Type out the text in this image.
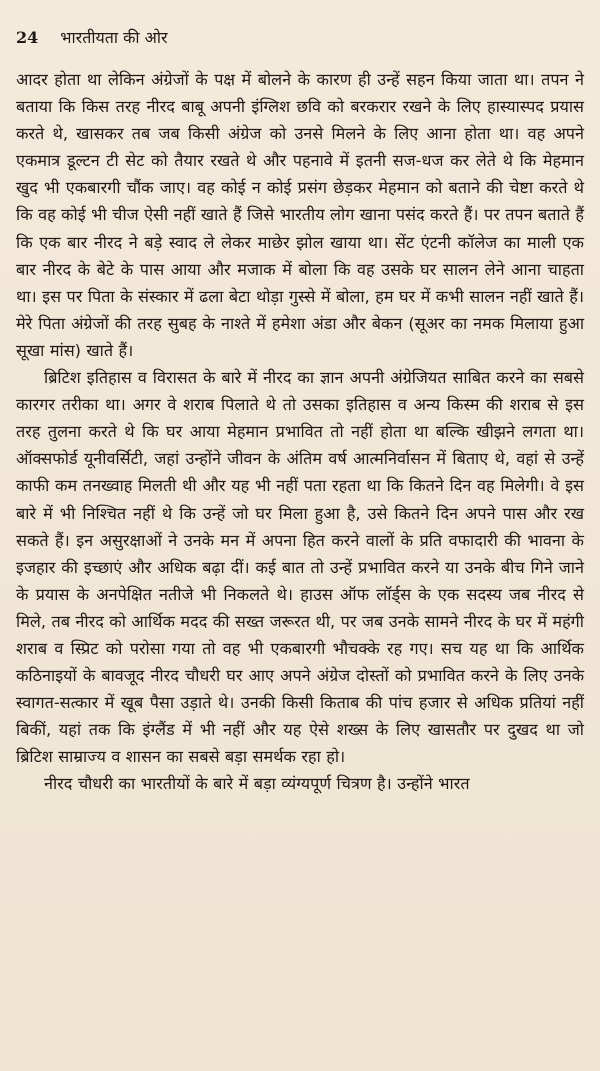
24 भारतीयता की ओर

आदर होता था लेकिन अंग्रेजों के पक्ष में बोलने के कारण ही उन्हें सहन किया जाता था। तपन ने बताया कि किस तरह नीरद बाबू अपनी इंग्लिश छवि को बरकरार रखने के लिए हास्यास्पद प्रयास करते थे, खासकर तब जब किसी अंग्रेज को उनसे मिलने के लिए आना होता था। वह अपने एकमात्र डूल्टन टी सेट को तैयार रखते थे और पहनावे में इतनी सज-धज कर लेते थे कि मेहमान खुद भी एकबारगी चौंक जाए। वह कोई न कोई प्रसंग छेड़कर मेहमान को बताने की चेष्टा करते थे कि वह कोई भी चीज ऐसी नहीं खाते हैं जिसे भारतीय लोग खाना पसंद करते हैं। पर तपन बताते हैं कि एक बार नीरद ने बड़े स्वाद ले लेकर माछेर झोल खाया था। सेंट एंटनी कॉलेज का माली एक बार नीरद के बेटे के पास आया और मजाक में बोला कि वह उसके घर सालन लेने आना चाहता था। इस पर पिता के संस्कार में ढला बेटा थोड़ा गुस्से में बोला, हम घर में कभी सालन नहीं खाते हैं। मेरे पिता अंग्रेजों की तरह सुबह के नाश्ते में हमेशा अंडा और बेकन (सूअर का नमक मिलाया हुआ सूखा मांस) खाते हैं।

ब्रिटिश इतिहास व विरासत के बारे में नीरद का ज्ञान अपनी अंग्रेजियत साबित करने का सबसे कारगर तरीका था। अगर वे शराब पिलाते थे तो उसका इतिहास व अन्य किस्म की शराब से इस तरह तुलना करते थे कि घर आया मेहमान प्रभावित तो नहीं होता था बल्कि खीझने लगता था। ऑक्सफोर्ड यूनीवर्सिटी, जहां उन्होंने जीवन के अंतिम वर्ष आत्मनिर्वासन में बिताए थे, वहां से उन्हें काफी कम तनख्वाह मिलती थी और यह भी नहीं पता रहता था कि कितने दिन वह मिलेगी। वे इस बारे में भी निश्चित नहीं थे कि उन्हें जो घर मिला हुआ है, उसे कितने दिन अपने पास और रख सकते हैं। इन असुरक्षाओं ने उनके मन में अपना हित करने वालों के प्रति वफादारी की भावना के इजहार की इच्छाएं और अधिक बढ़ा दीं। कई बात तो उन्हें प्रभावित करने या उनके बीच गिने जाने के प्रयास के अनपेक्षित नतीजे भी निकलते थे। हाउस ऑफ लॉर्ड्स के एक सदस्य जब नीरद से मिले, तब नीरद को आर्थिक मदद की सख्त जरूरत थी, पर जब उनके सामने नीरद के घर में महंगी शराब व स्प्रिट को परोसा गया तो वह भी एकबारगी भौचक्के रह गए। सच यह था कि आर्थिक कठिनाइयों के बावजूद नीरद चौधरी घर आए अपने अंग्रेज दोस्तों को प्रभावित करने के लिए उनके स्वागत-सत्कार में खूब पैसा उड़ाते थे। उनकी किसी किताब की पांच हजार से अधिक प्रतियां नहीं बिकीं, यहां तक कि इंग्लैंड में भी नहीं और यह ऐसे शख्स के लिए खासतौर पर दुखद था जो ब्रिटिश साम्राज्य व शासन का सबसे बड़ा समर्थक रहा हो।

नीरद चौधरी का भारतीयों के बारे में बड़ा व्यंग्यपूर्ण चित्रण है। उन्होंने भारत
